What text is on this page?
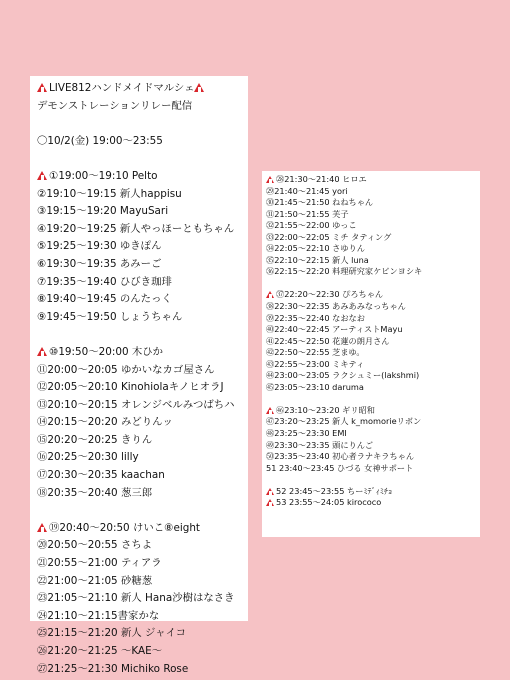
LIVE812ハンドメイドマルシェ
デモンストレーションリレー配信
〇10/2(金) 19:00〜23:55
①19:00〜19:10 Pelto
②19:10〜19:15 新人happisu
③19:15〜19:20 MayuSari
④19:20〜19:25 新人やっほーともちゃん
⑤19:25〜19:30 ゆきぽん
⑥19:30〜19:35 あみーご
⑦19:35〜19:40 ひびき珈琲
⑧19:40〜19:45 のんたっく
⑨19:45〜19:50 しょうちゃん
⑩19:50〜20:00 木ひか
⑪20:00〜20:05 ゆかいなカゴ屋さん
⑫20:05〜20:10 KinohiolaキノヒオラJ
⑬20:10〜20:15 オレンジベルみつばちハ
⑭20:15〜20:20 みどりんッ
⑮20:20〜20:25 きりん
⑯20:25〜20:30 lilly
⑰20:30〜20:35 kaachan
⑱20:35〜20:40 葱三郎
⑲20:40〜20:50 けいこ⑧eight
⑳20:50〜20:55 さちよ
㉑20:55〜21:00 ティアラ
㉒21:00〜21:05 砂糖葱
㉓21:05〜21:10 新人 Hana沙樹はなさき
㉔21:10〜21:15書家かな
㉕21:15〜21:20 新人 ジャイコ
㉖21:20〜21:25 〜KAE〜
㉗21:25〜21:30 Michiko Rose
㉘21:30〜21:40 ヒロエ
㉙21:40〜21:45 yori
㉚21:45〜21:50 ねねちゃん
㉛21:50〜21:55 芙子
㉜21:55〜22:00 ゆっこ
㉝22:00〜22:05 ミチ タティング
㉞22:05〜22:10 さゆりん
㉟22:10〜22:15 新人 luna
㊱22:15〜22:20 料理研究家ケビンヨシキ
㊲22:20〜22:30 ぴろちゃん
㊳22:30〜22:35 あみあみなっちゃん
㊴22:35〜22:40 なおなお
㊵22:40〜22:45 アーティストMayu
㊶22:45〜22:50 花蓮の朗月さん
㊷22:50〜22:55 芝まゆ。
㊸22:55〜23:00 ミキティ
㊹23:00〜23:05 ラクシュミー(lakshmi)
㊺23:05〜23:10 daruma
㊻23:10〜23:20 ギリ昭和
㊼23:20〜23:25 新人 k_momorieリボン
㊽23:25〜23:30 EMI
㊾23:30〜23:35 頭にりんご
㊿23:35〜23:40 初心者ラナキラちゃん
51 23:40〜23:45 ひづる 女神サポート
52 23:45〜23:55 ちーﾐﾃﾞｨﾐﾁｮ
53 23:55〜24:05 kirococo
